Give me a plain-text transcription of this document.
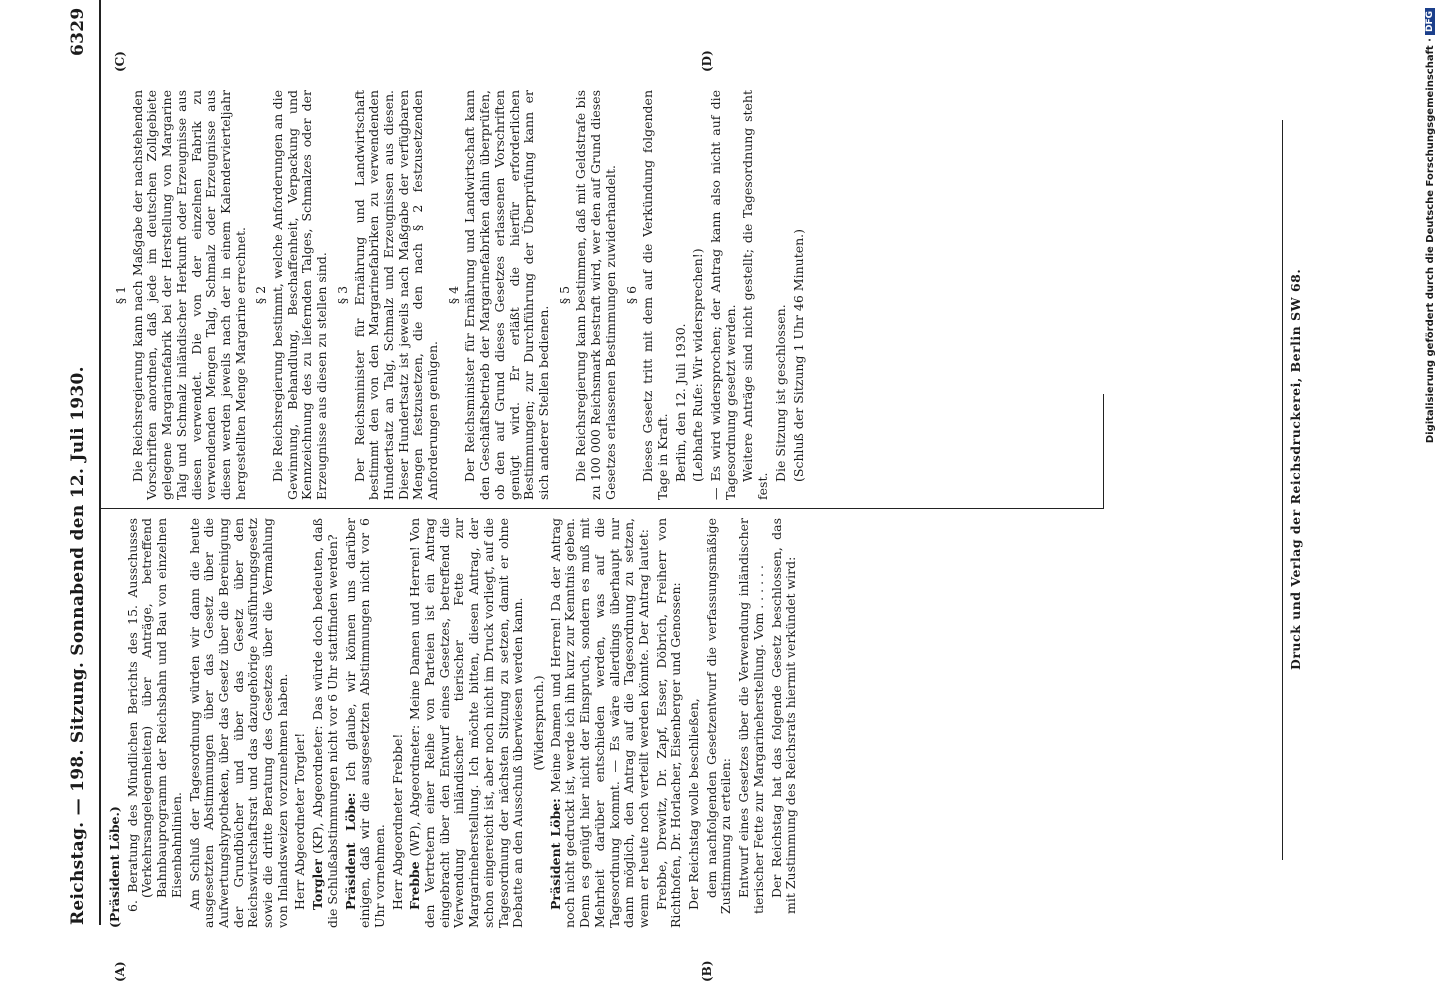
Reichstag. — 198. Sitzung. Sonnabend den 12. Juli 1930.
6329
(A)	(B)
(C)	(D)

(Präsident Löbe.) 6. Beratung des Mündlichen Berichts des 15. Ausschusses (Verkehrsangelegenheiten) über Anträge, betreffend Bahnbauprogramm der Reichsbahn und Bau von einzelnen Eisenbahnlinien. Am Schluß der Tagesordnung würden wir dann die heute ausgesetzten Abstimmungen über das Gesetz über die Aufwertungshypotheken, über das Gesetz über die Bereinigung der Grundbücher und über das Gesetz über den Reichswirtschaftsrat und das dazugehörige Ausführungsgesetz sowie die dritte Beratung des Gesetzes über die Vermahlung von Inlandsweizen vorzunehmen haben. Herr Abgeordneter Torgler! Torgler (KP), Abgeordneter: Das würde doch bedeuten, daß die Schlußabstimmungen nicht vor 6 Uhr stattfinden werden? Präsident Löbe: Ich glaube, wir können uns darüber einigen, daß wir die ausgesetzten Abstimmungen nicht vor 6 Uhr vornehmen. Herr Abgeordneter Frebbe! Frebbe (WP), Abgeordneter: Meine Damen und Herren! Von den Vertretern einer Reihe von Parteien ist ein Antrag eingebracht über den Entwurf eines Gesetzes, betreffend die Verwendung inländischer tierischer Fette zur Margarineherstellung. Ich möchte bitten, diesen Antrag, der schon eingereicht ist, aber noch nicht im Druck vorliegt, auf die Tagesordnung der nächsten Sitzung zu setzen, damit er ohne Debatte an den Ausschuß überwiesen werden kann. (Widerspruch.)

Präsident Löbe: Meine Damen und Herren! Da der Antrag noch nicht gedruckt ist, werde ich ihn kurz zur Kenntnis geben. Denn es genügt hier nicht der Einspruch, sondern es muß mit Mehrheit darüber entschieden werden, was auf die Tagesordnung kommt. — Es wäre allerdings überhaupt nur dann möglich, den Antrag auf die Tagesordnung zu setzen, wenn er heute noch verteilt werden könnte. Der Antrag lautet: Frebbe, Drewitz, Dr. Zapf, Esser, Döbrich, Freiherr von Richthofen, Dr. Horlacher, Eisenberger und Genossen: Der Reichstag wolle beschließen, dem nachfolgenden Gesetzentwurf die verfassungsmäßige Zustimmung zu erteilen: Entwurf eines Gesetzes über die Verwendung inländischer tierischer Fette zur Margarineherstellung. Vom . . . . . . Der Reichstag hat das folgende Gesetz beschlossen, das mit Zustimmung des Reichsrats hiermit verkündet wird:

§ 1 Die Reichsregierung kann nach Maßgabe der nachstehenden Vorschriften anordnen, daß jede im deutschen Zollgebiete gelegene Margarinefabrik bei der Herstellung von Margarine Talg und Schmalz inländischer Herkunft oder Erzeugnisse aus diesen verwendet. Die von der einzelnen Fabrik zu verwendenden Mengen Talg, Schmalz oder Erzeugnisse aus diesen werden jeweils nach der in einem Kalendervierteljahr hergestellten Menge Margarine errechnet. § 2 Die Reichsregierung bestimmt, welche Anforderungen an die Gewinnung, Behandlung, Beschaffenheit, Verpackung und Kennzeichnung des zu liefernden Talges, Schmalzes oder der Erzeugnisse aus diesen zu stellen sind. § 3 Der Reichsminister für Ernährung und Landwirtschaft bestimmt den von den Margarinefabriken zu verwendenden Hundertsatz an Talg, Schmalz und Erzeugnissen aus diesen. Dieser Hundertsatz ist jeweils nach Maßgabe der verfügbaren Mengen festzusetzen, die den nach § 2 festzusetzenden Anforderungen genügen.

§ 4 Der Reichsminister für Ernährung und Landwirtschaft kann den Geschäftsbetrieb der Margarinefabriken dahin überprüfen, ob den auf Grund dieses Gesetzes erlassenen Vorschriften genügt wird. Er erläßt die hierfür erforderlichen Bestimmungen; zur Durchführung der Überprüfung kann er sich anderer Stellen bedienen.

§ 5 Die Reichsregierung kann bestimmen, daß mit Geldstrafe bis zu 100 000 Reichsmark bestraft wird, wer den auf Grund dieses Gesetzes erlassenen Bestimmungen zuwiderhandelt. § 6 Dieses Gesetz tritt mit dem auf die Verkündung folgenden Tage in Kraft. Berlin, den 12. Juli 1930. (Lebhafte Rufe: Wir widersprechen!) — Es wird widersprochen; der Antrag kann also nicht auf die Tagesordnung gesetzt werden. Weitere Anträge sind nicht gestellt; die Tagesordnung steht fest.

Die Sitzung ist geschlossen. (Schluß der Sitzung 1 Uhr 46 Minuten.)	Druck und Verlag der Reichsdruckerei, Berlin SW 68.
Digitalisierung gefördert durch die Deutsche Forschungsgemeinschaft ·
DFG
